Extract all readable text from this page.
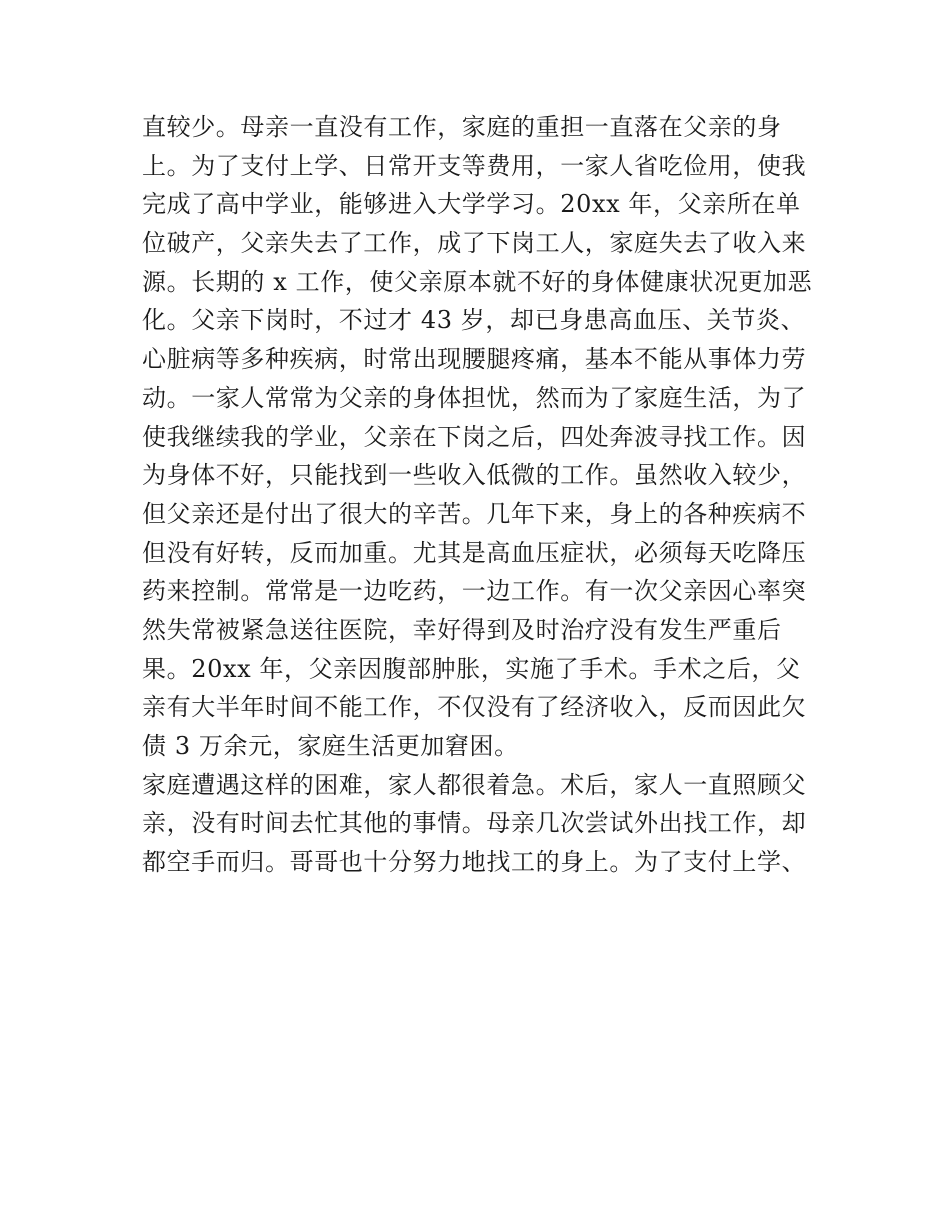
直较少。母亲一直没有工作，家庭的重担一直落在父亲的身
上。为了支付上学、日常开支等费用，一家人省吃俭用，使我
完成了高中学业，能够进入大学学习。20xx 年，父亲所在单
位破产，父亲失去了工作，成了下岗工人，家庭失去了收入来
源。长期的 x 工作，使父亲原本就不好的身体健康状况更加恶
化。父亲下岗时，不过才 43 岁，却已身患高血压、关节炎、
心脏病等多种疾病，时常出现腰腿疼痛，基本不能从事体力劳
动。一家人常常为父亲的身体担忧，然而为了家庭生活，为了
使我继续我的学业，父亲在下岗之后，四处奔波寻找工作。因
为身体不好，只能找到一些收入低微的工作。虽然收入较少，
但父亲还是付出了很大的辛苦。几年下来，身上的各种疾病不
但没有好转，反而加重。尤其是高血压症状，必须每天吃降压
药来控制。常常是一边吃药，一边工作。有一次父亲因心率突
然失常被紧急送往医院，幸好得到及时治疗没有发生严重后
果。20xx 年，父亲因腹部肿胀，实施了手术。手术之后，父
亲有大半年时间不能工作，不仅没有了经济收入，反而因此欠
债 3 万余元，家庭生活更加窘困。
家庭遭遇这样的困难，家人都很着急。术后，家人一直照顾父
亲，没有时间去忙其他的事情。母亲几次尝试外出找工作，却
都空手而归。哥哥也十分努力地找工的身上。为了支付上学、
